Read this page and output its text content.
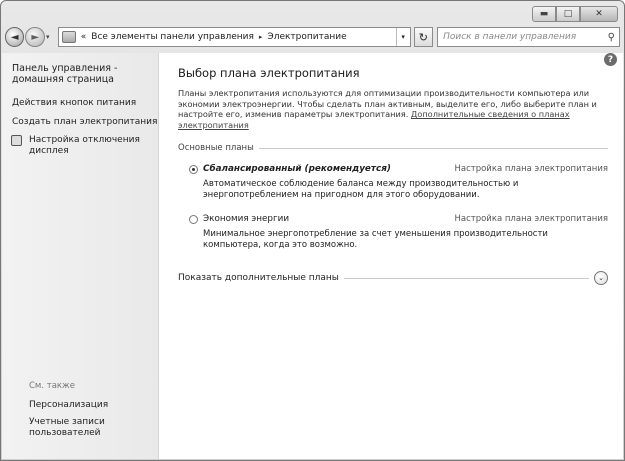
▬	□	✕
◄ ► ▾	« Все элементы панели управления ▸ Электропитание	▾	↻
Поиск в панели управления	⚲
Панель управления - домашняя страница
Действия кнопок питания
Создать план электропитания
Настройка отключения дисплея
См. также
Персонализация
Учетные записи пользователей
?
Выбор плана электропитания
Планы электропитания используются для оптимизации производительности компьютера или экономии электроэнергии. Чтобы сделать план активным, выделите его, либо выберите план и настройте его, изменив параметры электропитания. Дополнительные сведения о планах электропитания
Основные планы
Сбалансированный (рекомендуется)	Настройка плана электропитания
Автоматическое соблюдение баланса между производительностью и энергопотреблением на пригодном для этого оборудовании.
Экономия энергии	Настройка плана электропитания
Минимальное энергопотребление за счет уменьшения производительности компьютера, когда это возможно.
Показать дополнительные планы	⌄
